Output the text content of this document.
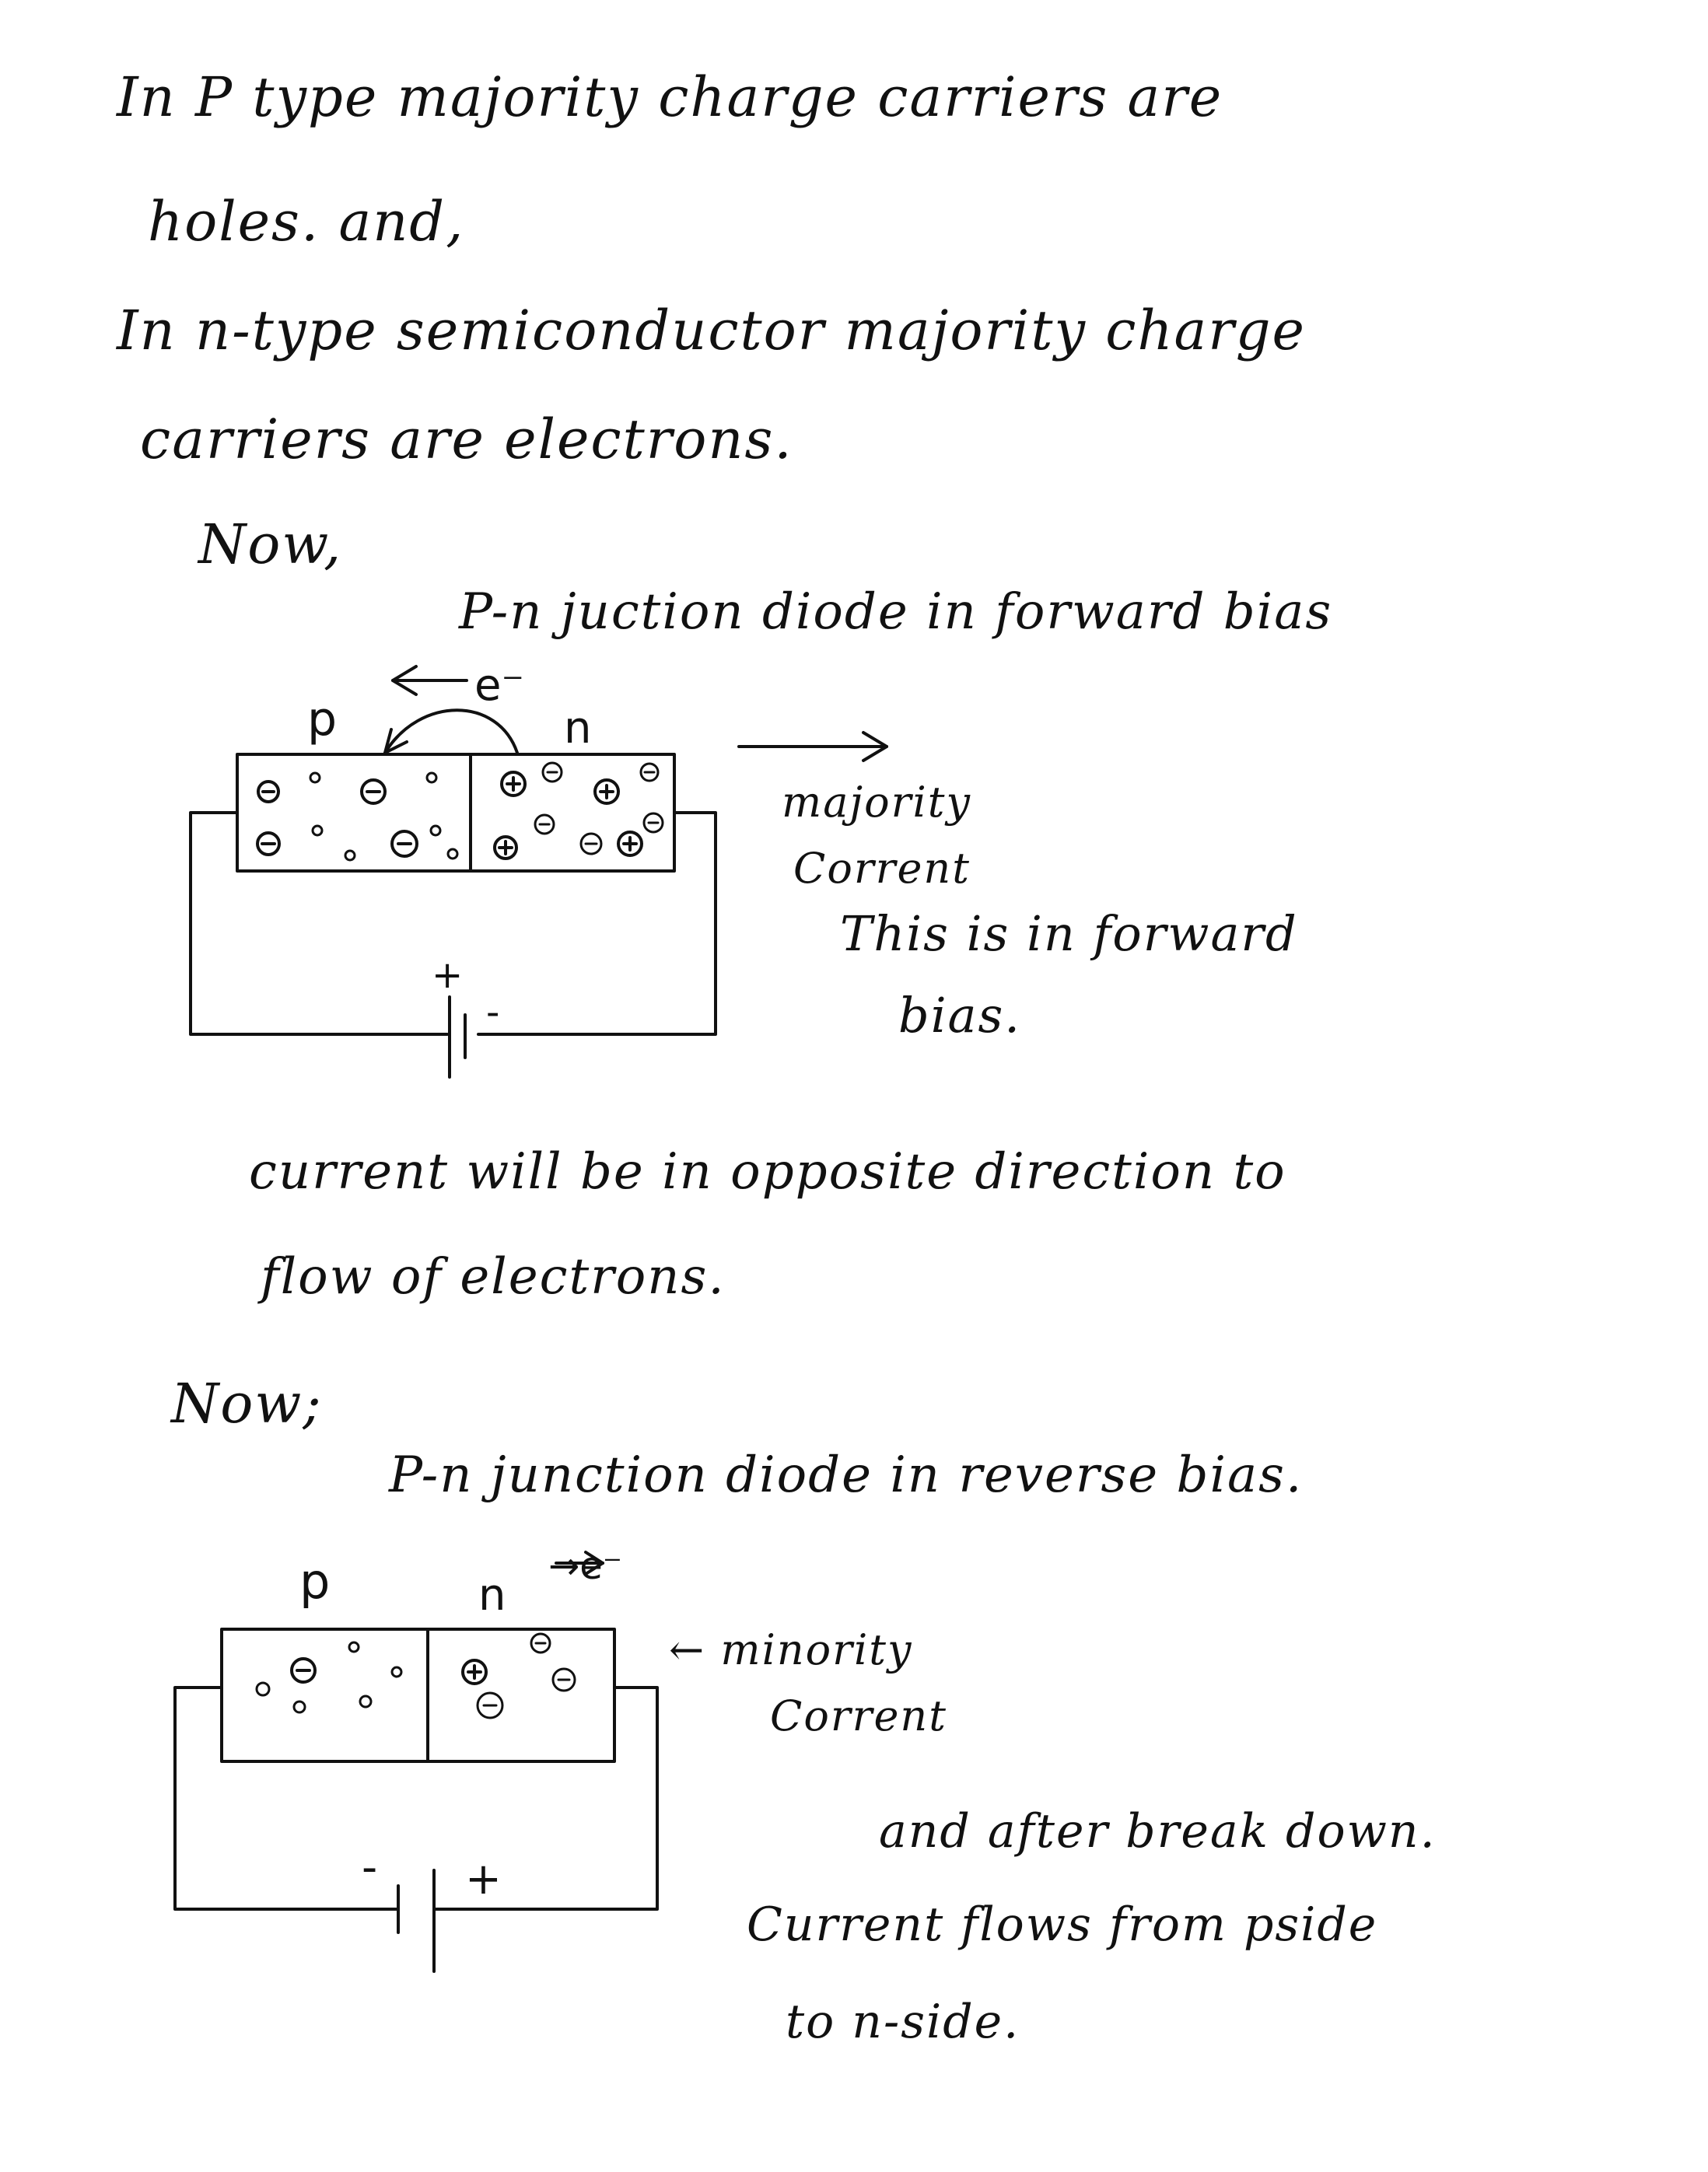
In P type majority charge carriers are
holes. and,
In n-type semiconductor majority charge
carriers are electrons.
Now,
P-n juction diode in forward bias
majority
Corrent
This is in forward
bias.
current will be in opposite direction to
flow of electrons.
Now;
P-n junction diode in reverse bias.
← minority
Corrent
and after break down.
Current flows from pside
to n-side.
p	n
e⁻
+
-
p	n
→e⁻
- +
